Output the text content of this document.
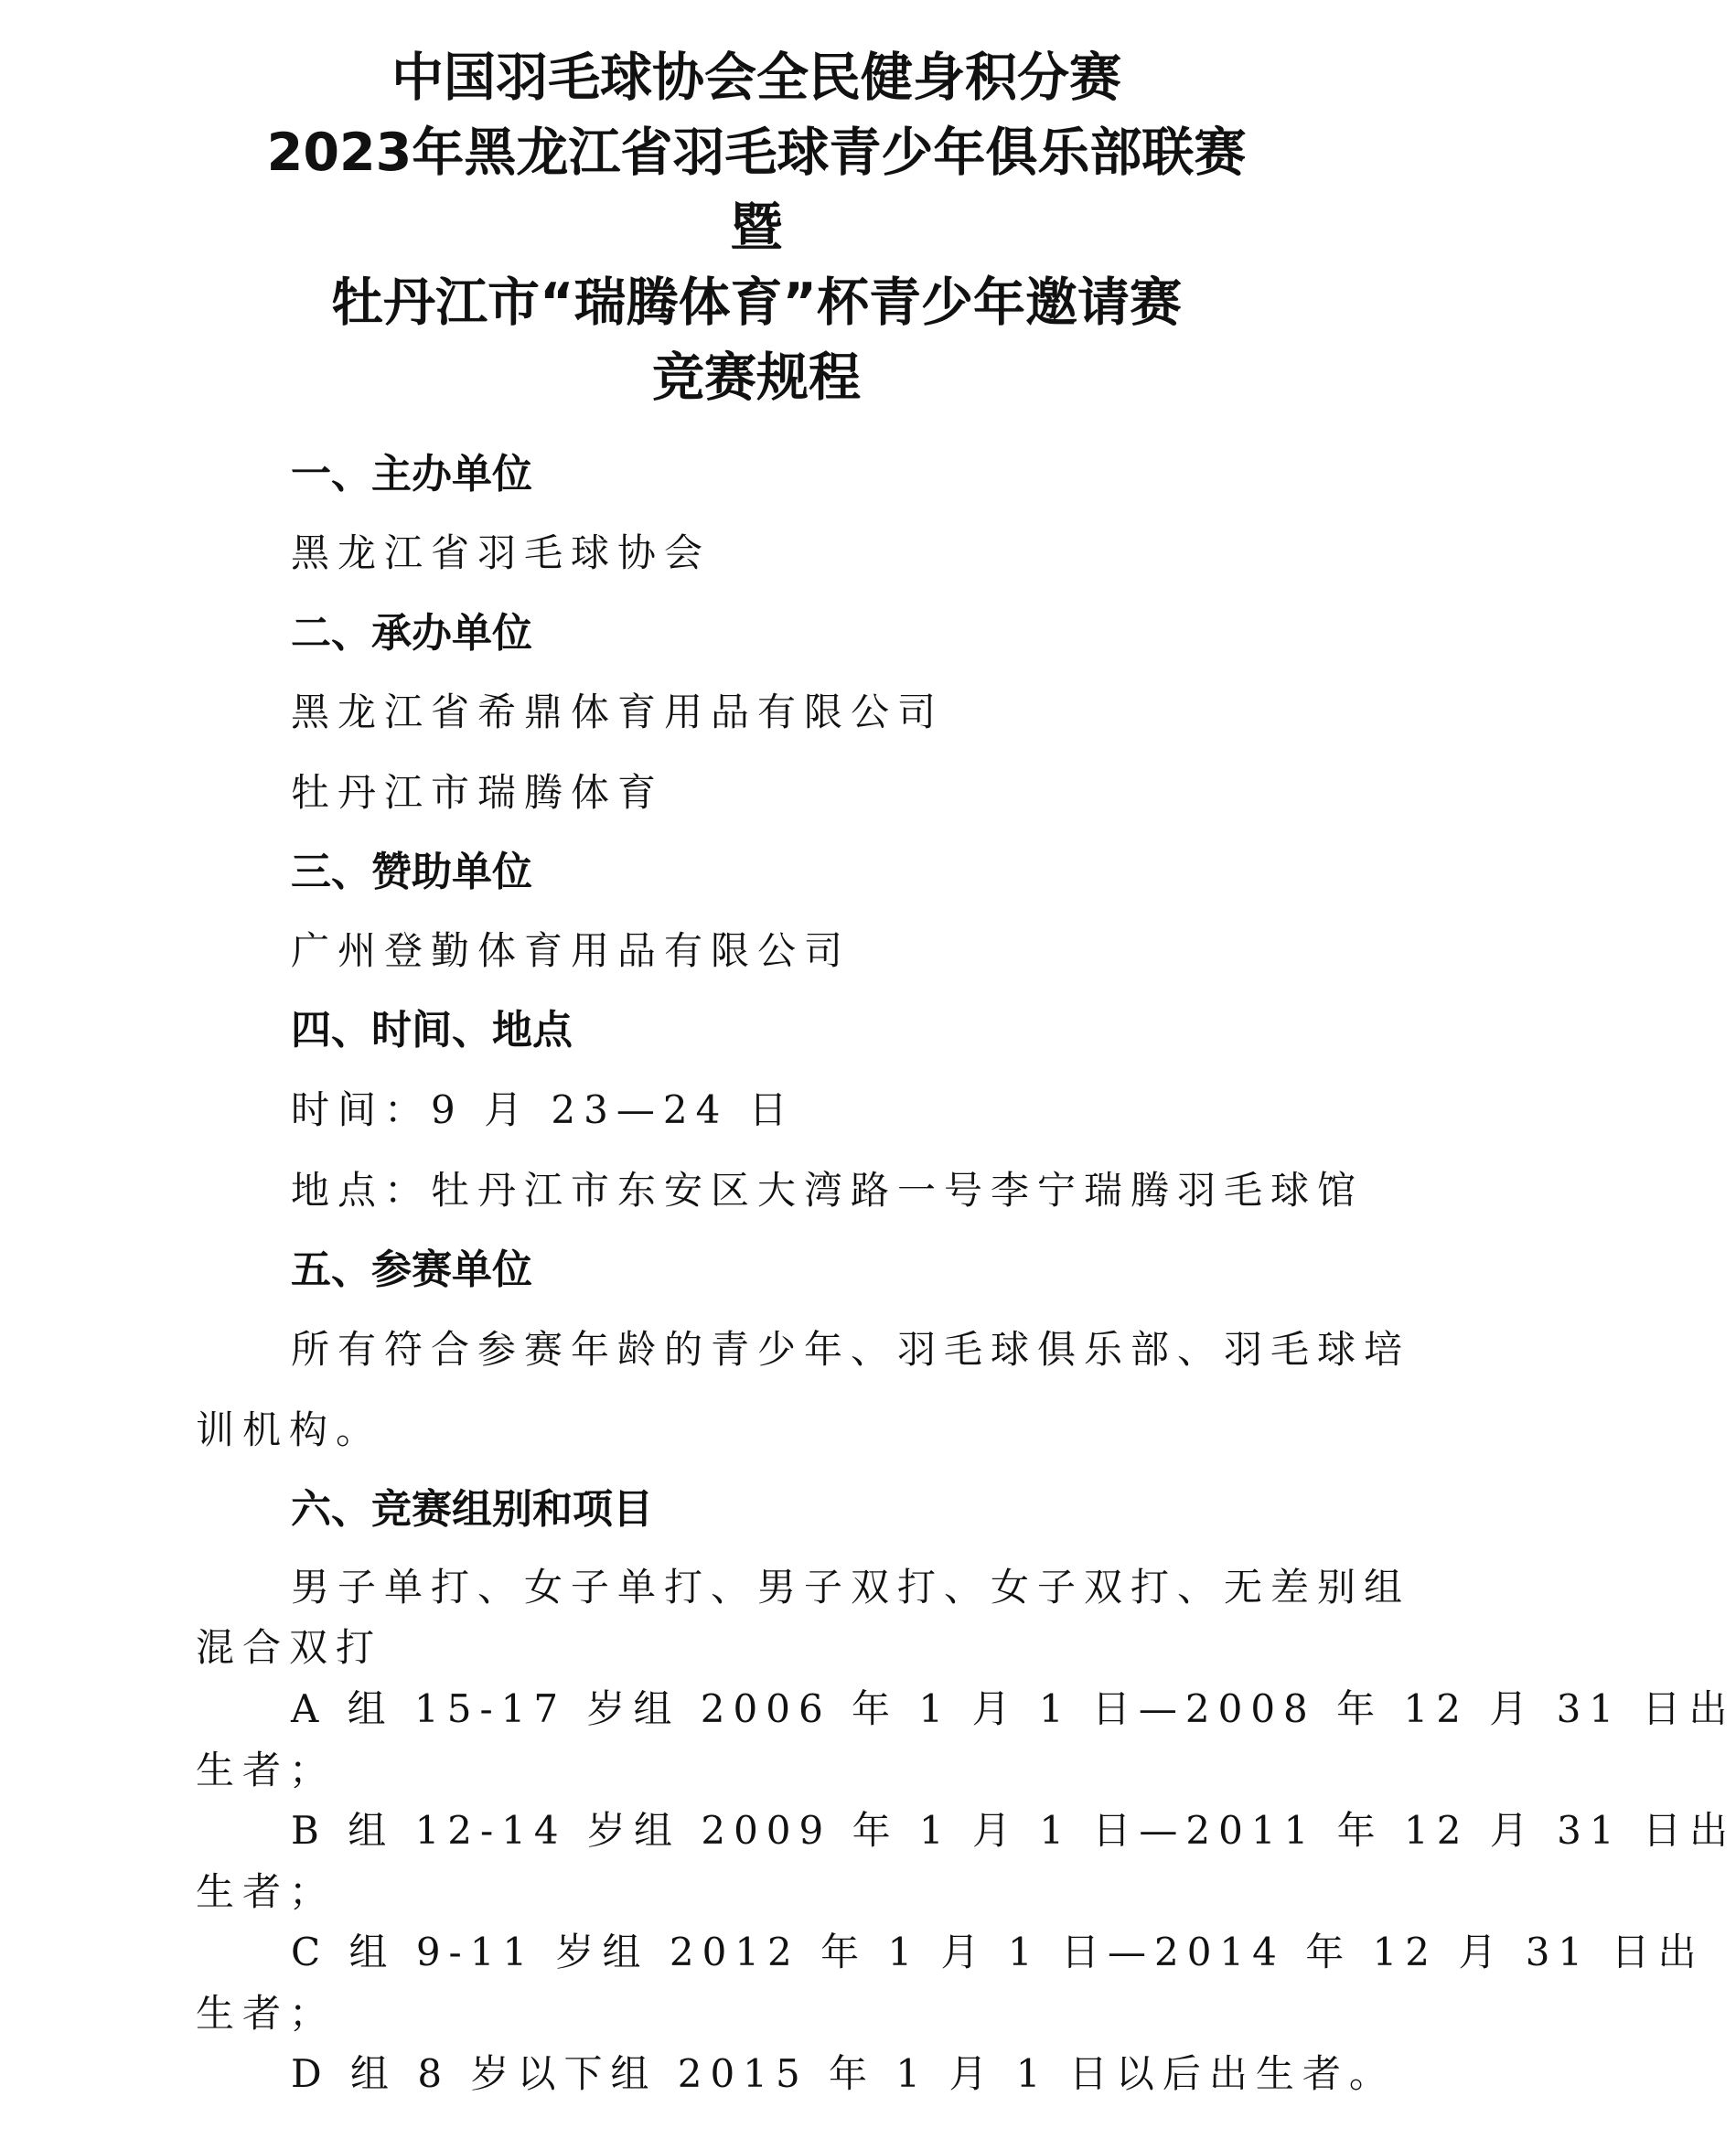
中国羽毛球协会全民健身积分赛
2023年黑龙江省羽毛球青少年俱乐部联赛
暨
牡丹江市“瑞腾体育”杯青少年邀请赛
竞赛规程
一、主办单位
黑龙江省羽毛球协会
二、承办单位
黑龙江省希鼎体育用品有限公司
牡丹江市瑞腾体育
三、赞助单位
广州登勤体育用品有限公司
四、时间、地点
时间：9 月 23—24 日
地点：牡丹江市东安区大湾路一号李宁瑞腾羽毛球馆
五、参赛单位
所有符合参赛年龄的青少年、羽毛球俱乐部、羽毛球培
训机构。
六、竞赛组别和项目
男子单打、女子单打、男子双打、女子双打、无差别组
混合双打
A 组 15-17 岁组 2006 年 1 月 1 日—2008 年 12 月 31 日出
生者；
B 组 12-14 岁组 2009 年 1 月 1 日—2011 年 12 月 31 日出
生者；
C 组 9-11 岁组 2012 年 1 月 1 日—2014 年 12 月 31 日出
生者；
D 组 8 岁以下组 2015 年 1 月 1 日以后出生者。
